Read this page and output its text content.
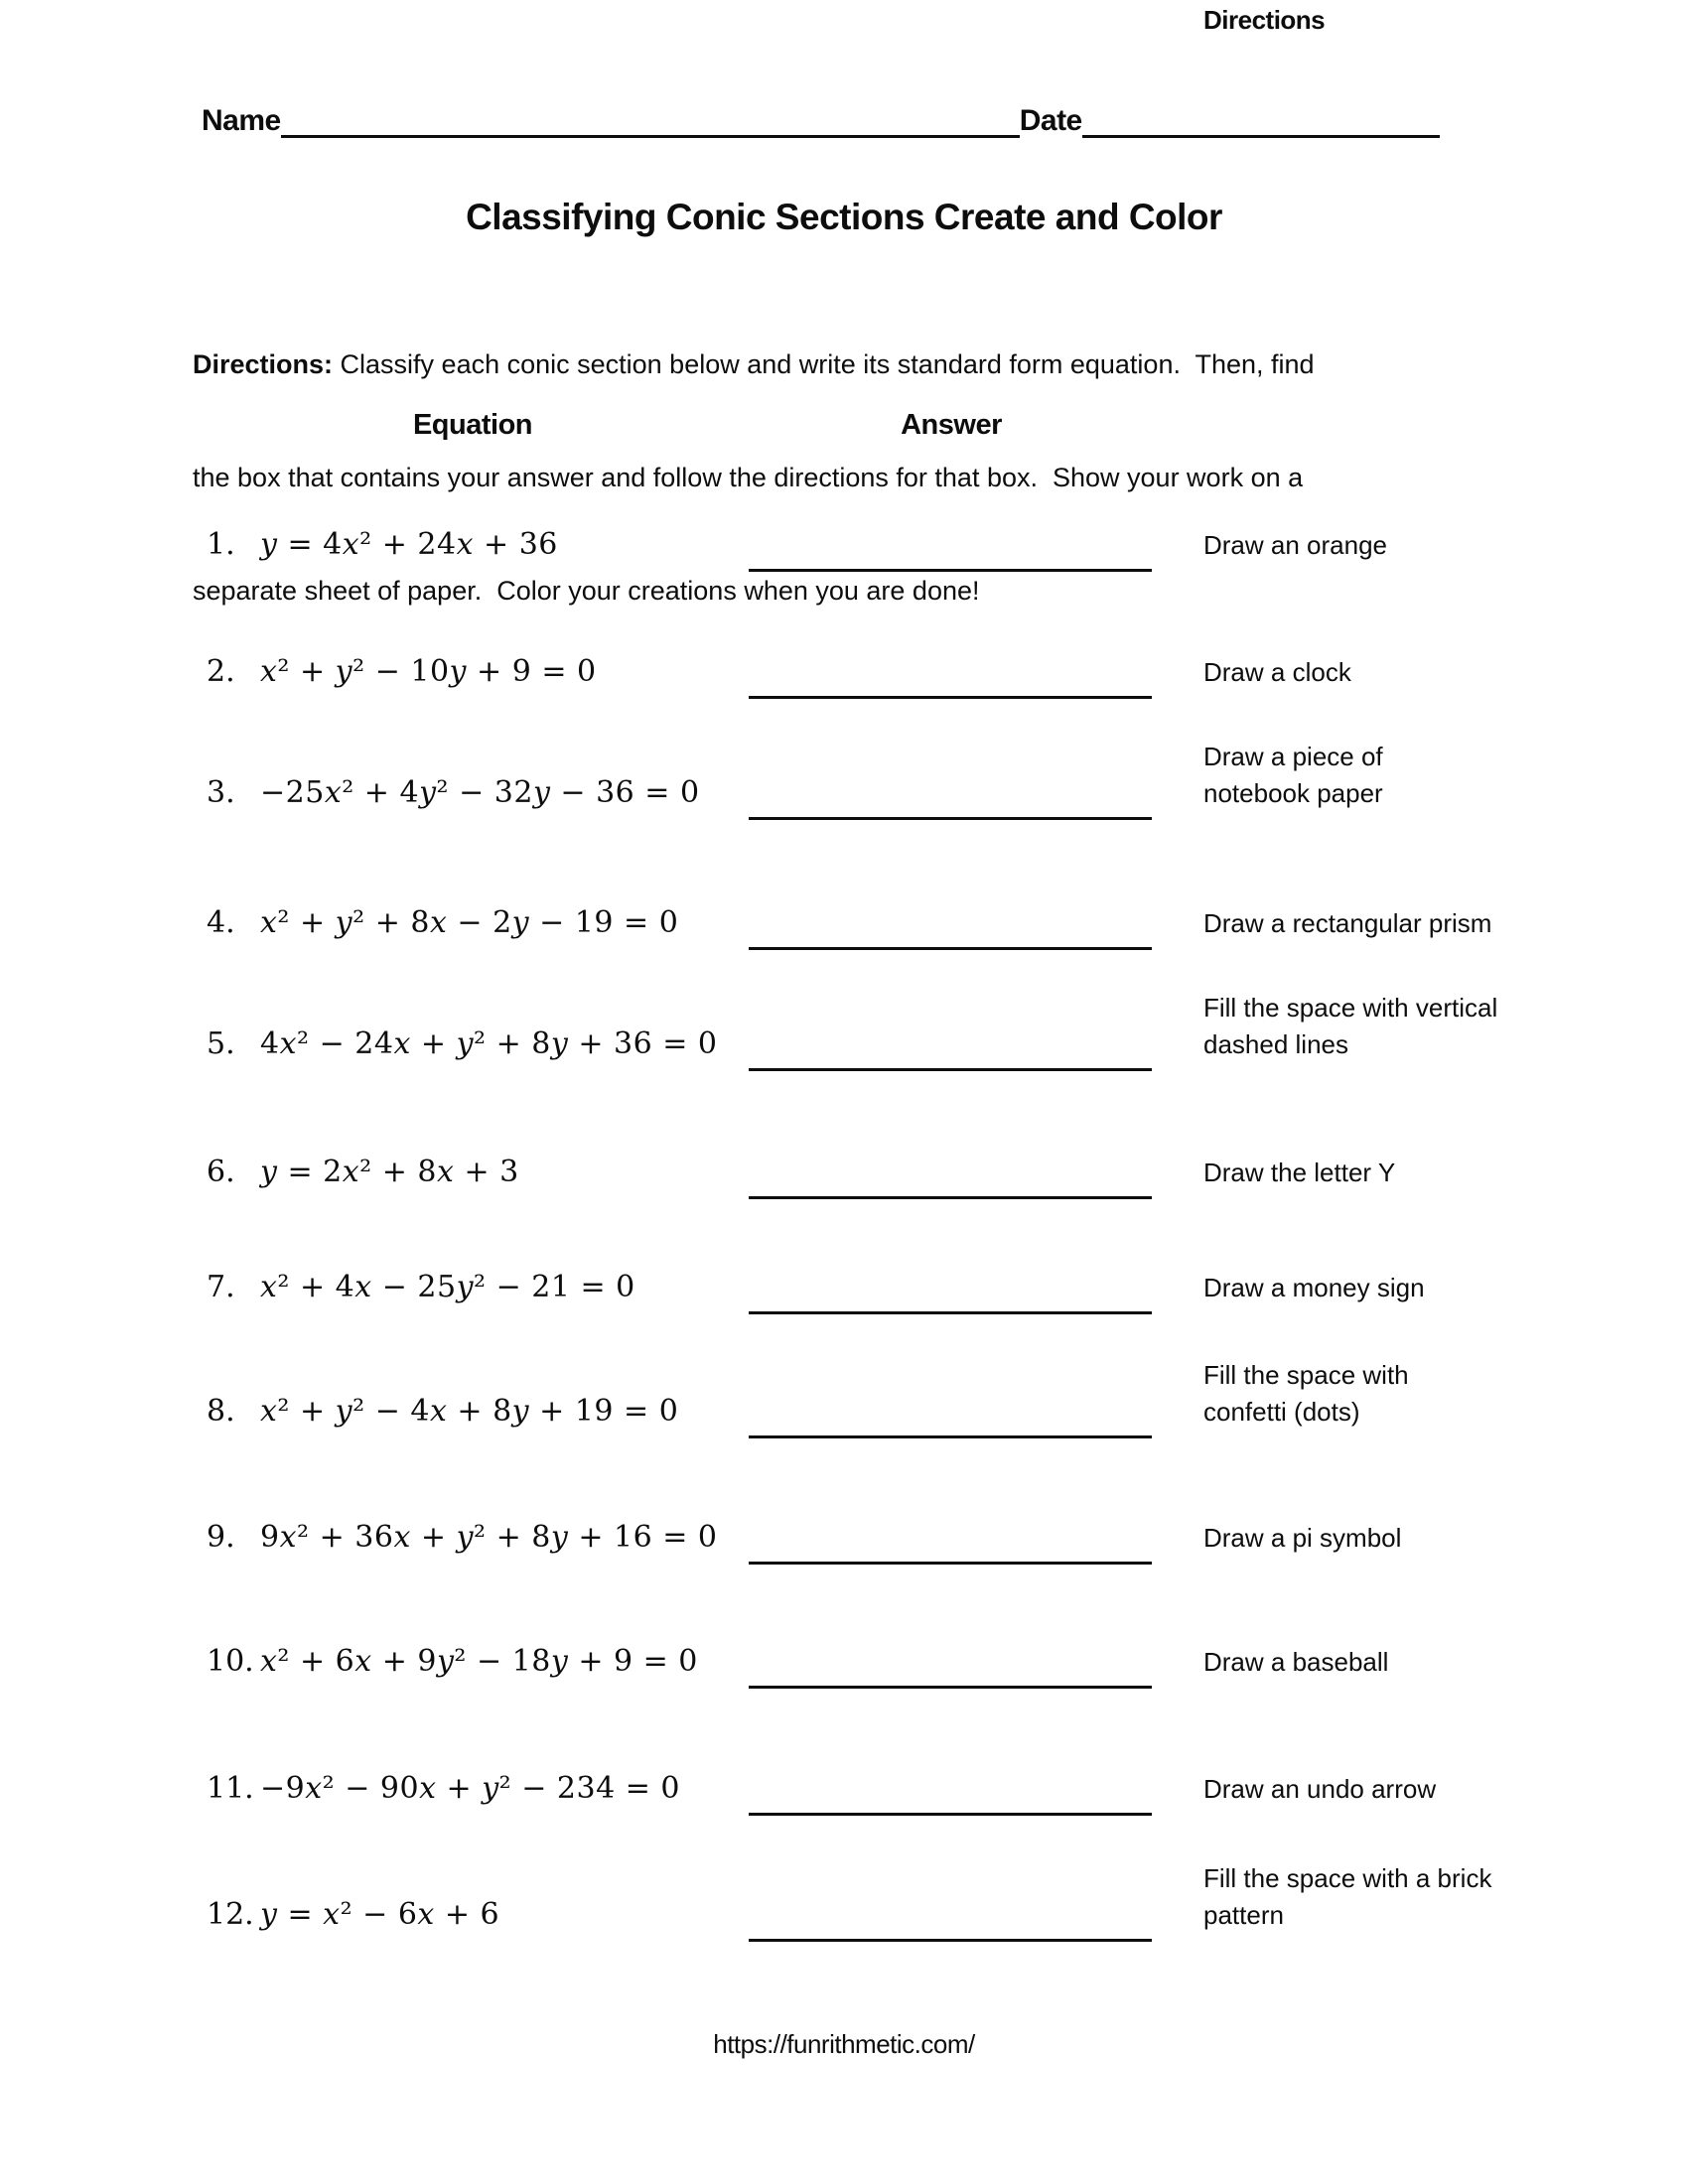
Name	Date
Classifying Conic Sections Create and Color

Directions: Classify each conic section below and write its standard form equation.  Then, find

the box that contains your answer and follow the directions for that box.  Show your work on a

separate sheet of paper.  Color your creations when you are done!

Equation	Answer
Directions
1. y = 4x² + 24x + 36	Draw an orange
2. x² + y² − 10y + 9 = 0	Draw a clock
3. −25x² + 4y² − 32y − 36 = 0
Draw a piece of
notebook paper
4. x² + y² + 8x − 2y − 19 = 0	Draw a rectangular prism
5. 4x² − 24x + y² + 8y + 36 = 0
Fill the space with vertical
dashed lines
6. y = 2x² + 8x + 3	Draw the letter Y
7. x² + 4x − 25y² − 21 = 0	Draw a money sign
8. x² + y² − 4x + 8y + 19 = 0
Fill the space with
confetti (dots)
9. 9x² + 36x + y² + 8y + 16 = 0	Draw a pi symbol
10. x² + 6x + 9y² − 18y + 9 = 0	Draw a baseball
11. −9x² − 90x + y² − 234 = 0	Draw an undo arrow
12. y = x² − 6x + 6
Fill the space with a brick
pattern
https://funrithmetic.com/
